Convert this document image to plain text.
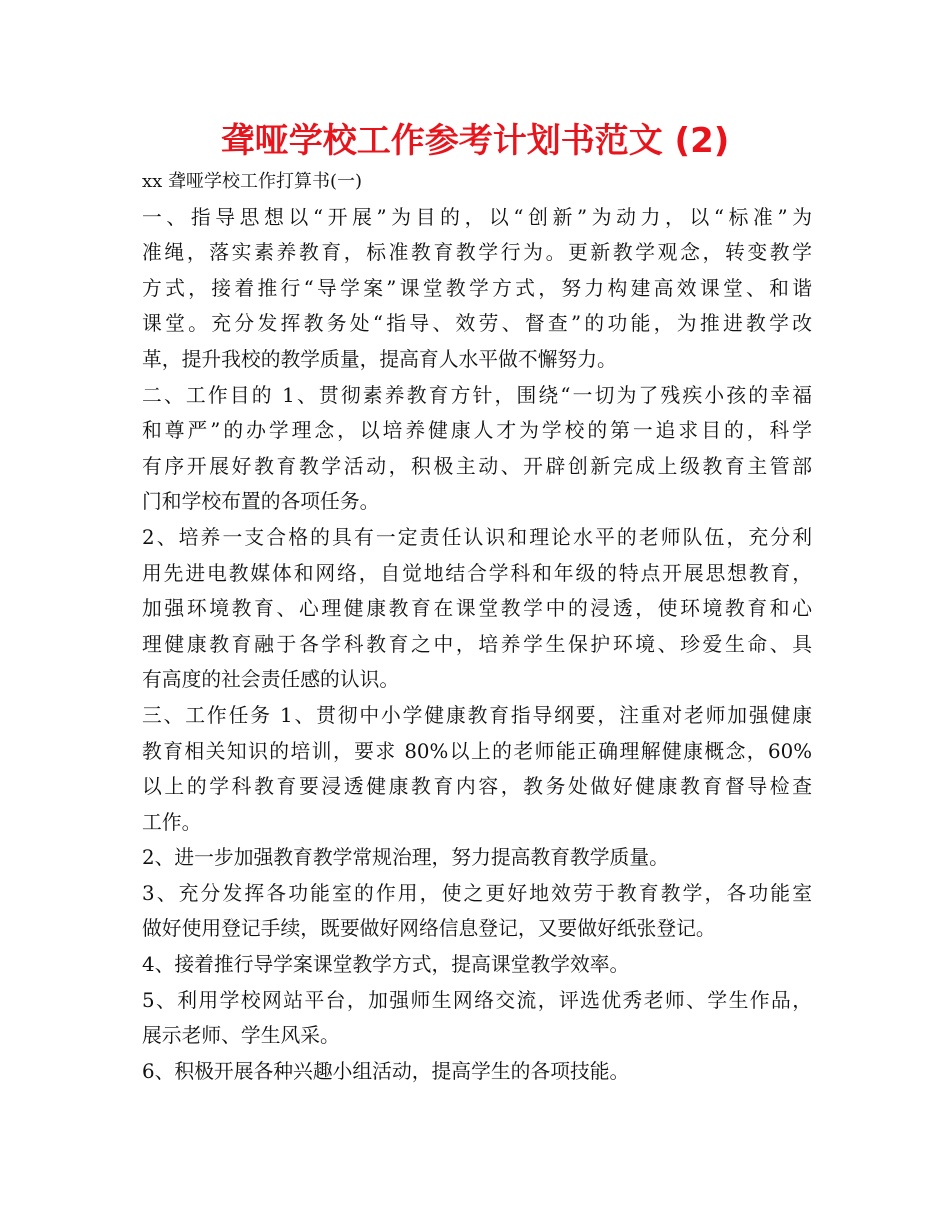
聋哑学校工作参考计划书范文 (2)
xx 聋哑学校工作打算书(一)
一、指导思想以“开展”为目的，以“创新”为动力，以“标准”为
准绳，落实素养教育，标准教育教学行为。更新教学观念，转变教学
方式，接着推行“导学案”课堂教学方式，努力构建高效课堂、和谐
课堂。充分发挥教务处“指导、效劳、督查”的功能，为推进教学改
革，提升我校的教学质量，提高育人水平做不懈努力。
二、工作目的 1、贯彻素养教育方针，围绕“一切为了残疾小孩的幸福
和尊严”的办学理念，以培养健康人才为学校的第一追求目的，科学
有序开展好教育教学活动，积极主动、开辟创新完成上级教育主管部
门和学校布置的各项任务。
2、培养一支合格的具有一定责任认识和理论水平的老师队伍，充分利
用先进电教媒体和网络，自觉地结合学科和年级的特点开展思想教育，
加强环境教育、心理健康教育在课堂教学中的浸透，使环境教育和心
理健康教育融于各学科教育之中，培养学生保护环境、珍爱生命、具
有高度的社会责任感的认识。
三、工作任务 1、贯彻中小学健康教育指导纲要，注重对老师加强健康
教育相关知识的培训，要求 80%以上的老师能正确理解健康概念，60%
以上的学科教育要浸透健康教育内容，教务处做好健康教育督导检查
工作。
2、进一步加强教育教学常规治理，努力提高教育教学质量。
3、充分发挥各功能室的作用，使之更好地效劳于教育教学，各功能室
做好使用登记手续，既要做好网络信息登记，又要做好纸张登记。
4、接着推行导学案课堂教学方式，提高课堂教学效率。
5、利用学校网站平台，加强师生网络交流，评选优秀老师、学生作品，
展示老师、学生风采。
6、积极开展各种兴趣小组活动，提高学生的各项技能。
